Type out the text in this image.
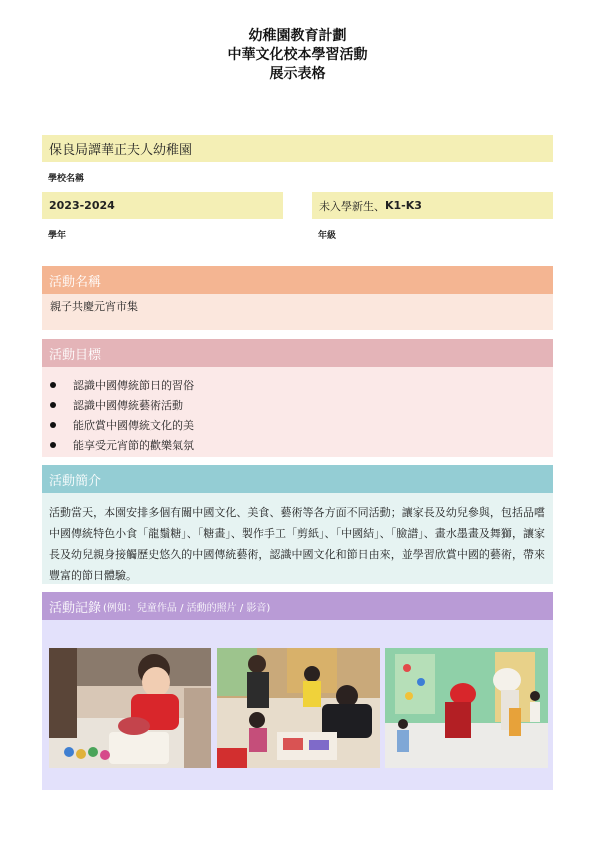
幼稚園教育計劃
中華文化校本學習活動
展示表格
保良局譚華正夫人幼稚園
學校名稱
2023-2024
學年
未入學新生、 K1-K3
年級
活動名稱
親子共慶元宵市集
活動目標
認識中國傳統節日的習俗
認識中國傳統藝術活動
能欣賞中國傳統文化的美
能享受元宵節的歡樂氣氛
活動簡介
活動當天，本園安排多個有關中國文化、美食、藝術等各方面不同活動；讓家長及幼兒參與，包括品嚐中國傳統特色小食「龍鬚糖」、「糖畫」、製作手工「剪紙」、「中國結」、「臉譜」、畫水墨畫及舞獅，讓家長及幼兒親身接觸歷史悠久的中國傳統藝術，認識中國文化和節日由來，並學習欣賞中國的藝術，帶來豐富的節日體驗。
活動記錄 (例如：兒童作品 / 活動的照片 / 影音)
